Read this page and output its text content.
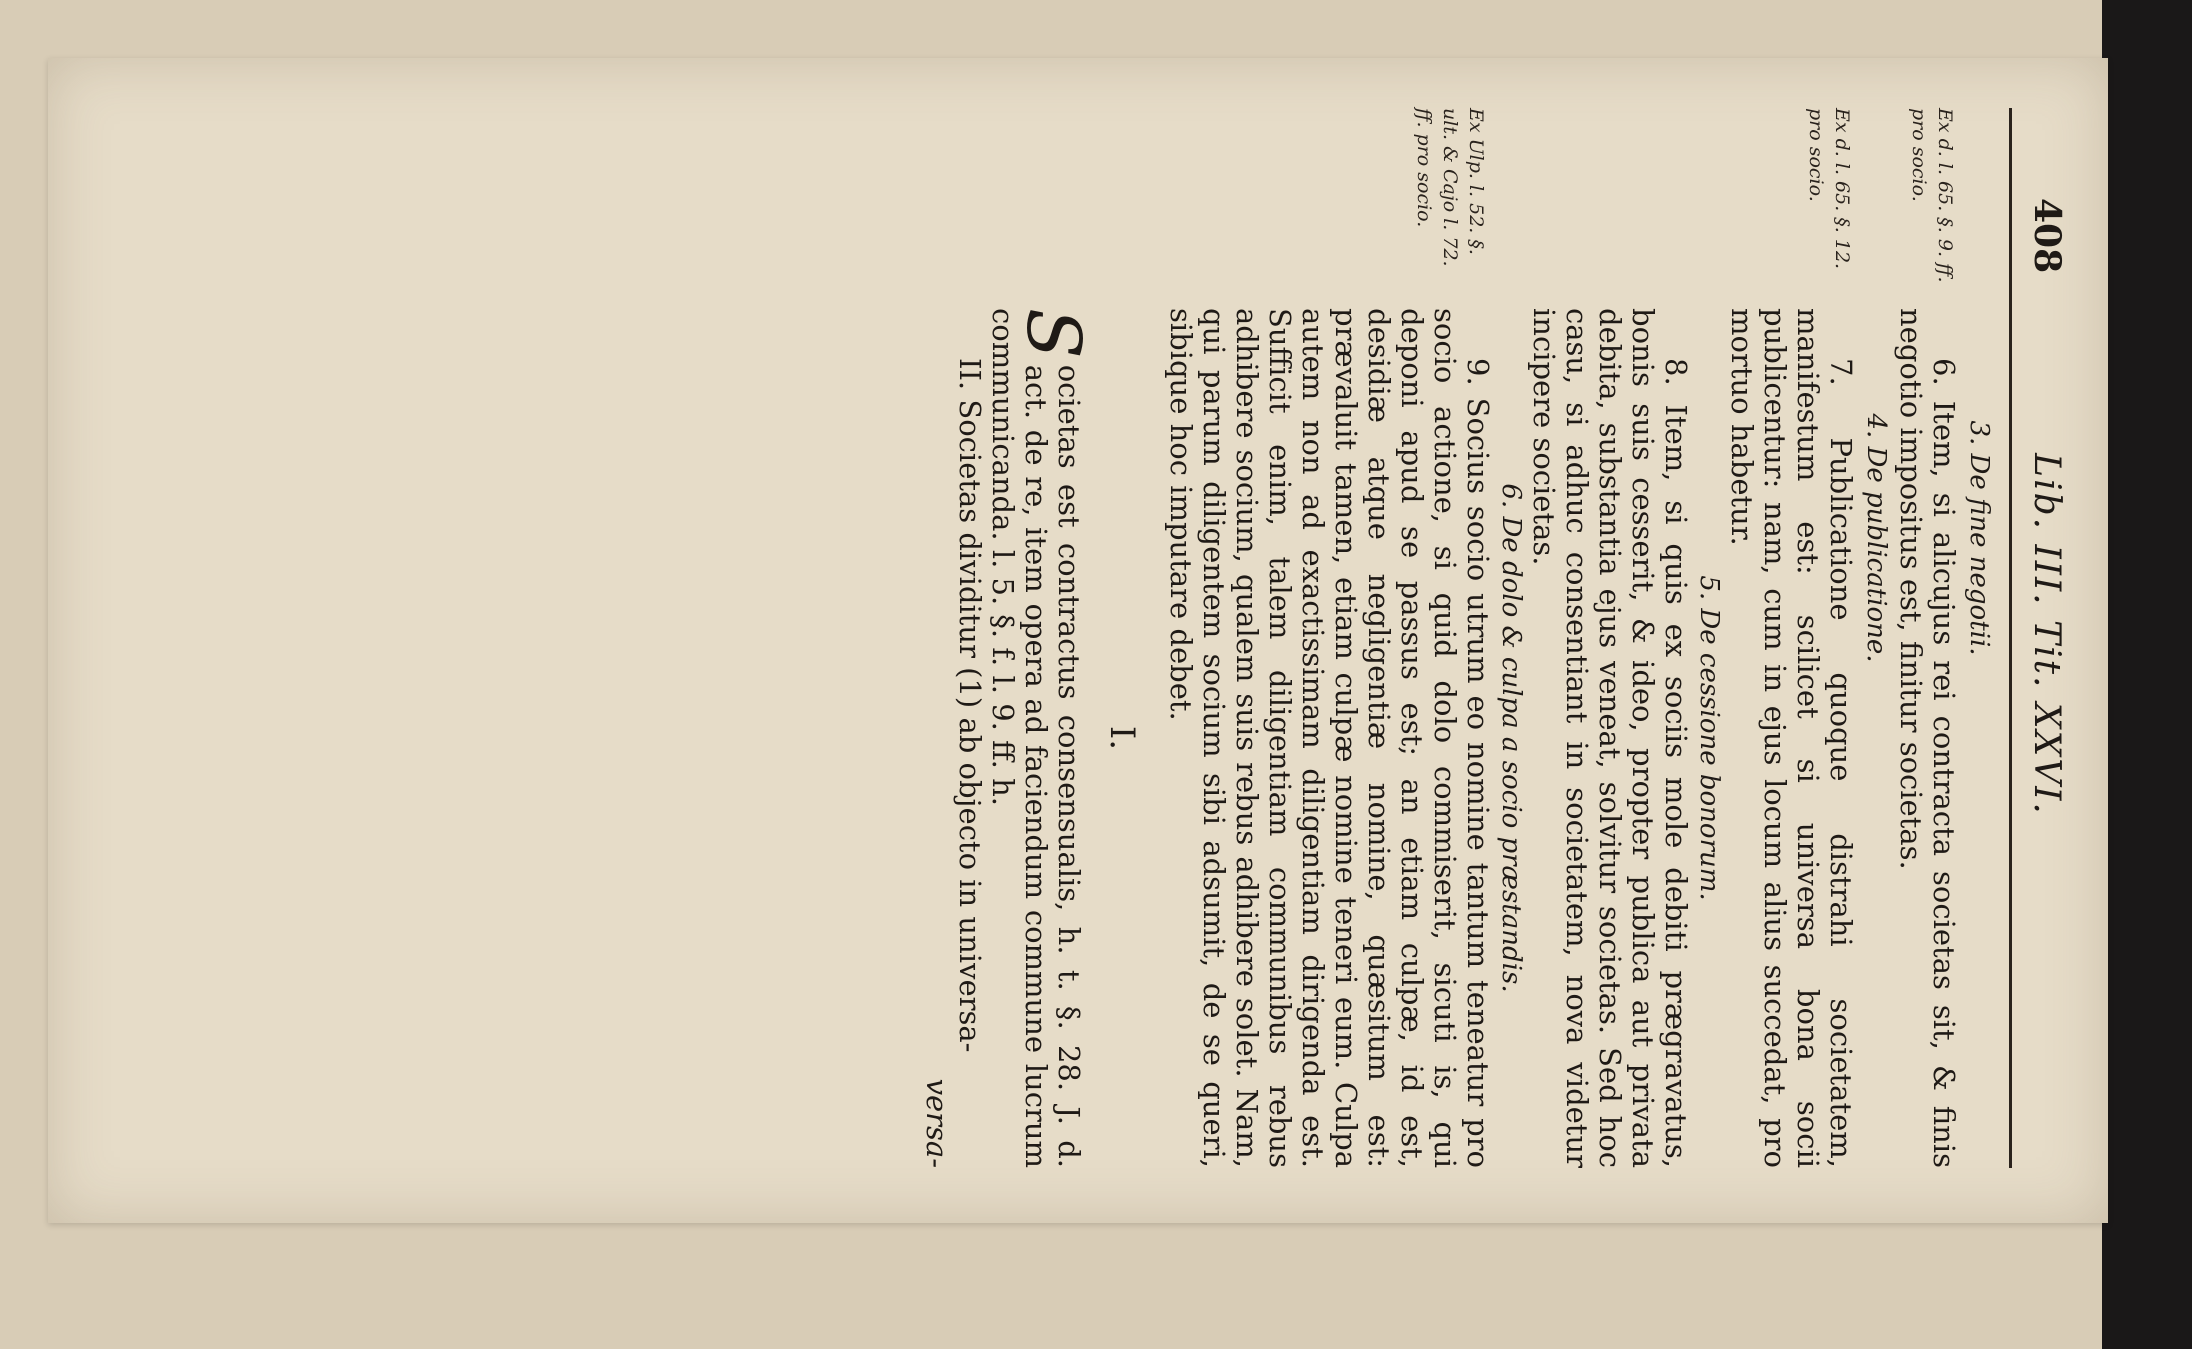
408
Lib. III. Tit. XXVI.

3. De fine negotii.

Ex d. l. 65. §. 9. ff. pro socio.

6. Item, si alicujus rei contracta societas sit, & finis negotio impositus est, finitur societas.

4. De publicatione.

Ex d. l. 65. §. 12. pro socio.

7. Publicatione quoque distrahi societatem, manifestum est: scilicet si universa bona socii publicentur: nam, cum in ejus locum alius succedat, pro mortuo habetur.

5. De cessione bonorum.

8. Item, si quis ex sociis mole debiti prægravatus, bonis suis cesserit, & ideo, propter publica aut privata debita, substantia ejus veneat, solvitur societas. Sed hoc casu, si adhuc consentiant in societatem, nova videtur incipere societas.

6. De dolo & culpa a socio præstandis.

Ex Ulp. l. 52. §. ult. & Cajo l. 72. ff. pro socio.

9. Socius socio utrum eo nomine tantum teneatur pro socio actione, si quid dolo commiserit, sicuti is, qui deponi apud se passus est; an etiam culpæ, id est, desidiæ atque negligentiæ nomine, quæsitum est: prævaluit tamen, etiam culpæ nomine teneri eum. Culpa autem non ad exactissimam diligentiam dirigenda est. Sufficit enim, talem diligentiam communibus rebus adhibere socium, qualem suis rebus adhibere solet. Nam, qui parum diligentem socium sibi adsumit, de se queri, sibique hoc imputare debet.

I.

S
ocietas est contractus consensualis, h. t. §. 28. J. d. act. de re, item opera ad faciendum commune lucrum communicanda. l. 5. §. f. l. 9. ff. h.

II. Societas dividitur (1) ab objecto in universa-

versa-
